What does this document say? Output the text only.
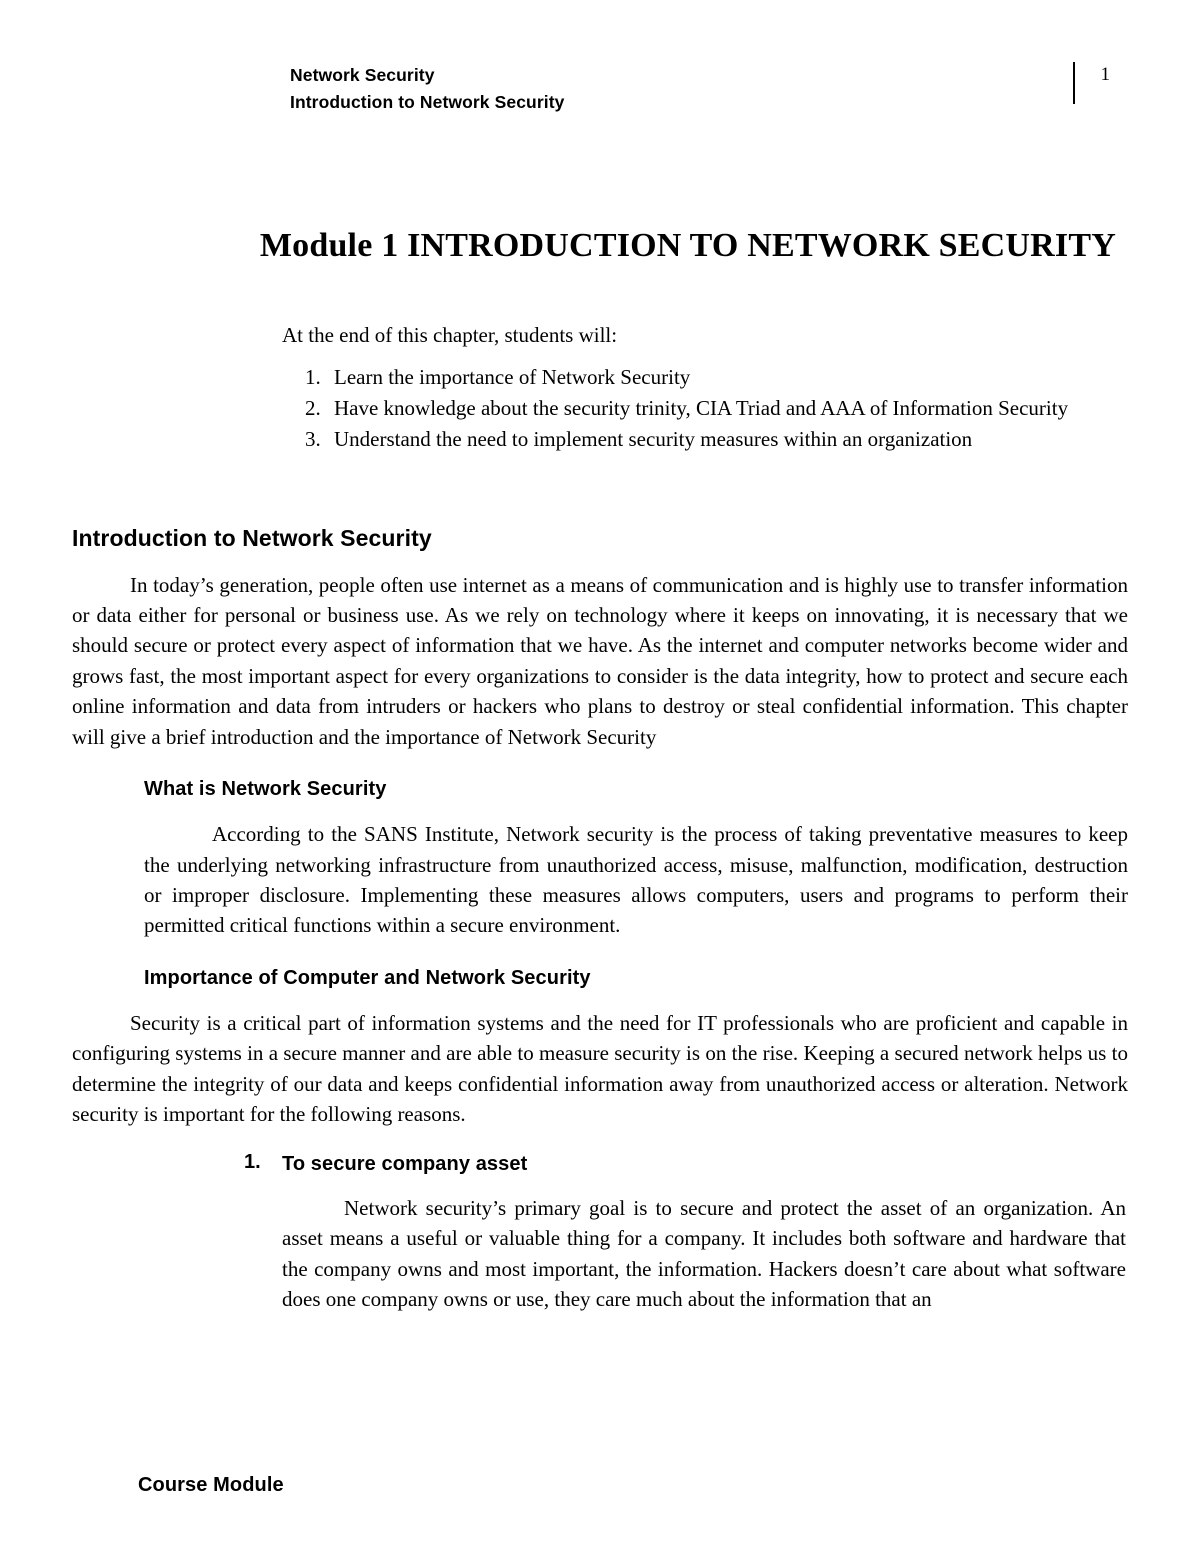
Network Security
Introduction to Network Security
1
Module 1 INTRODUCTION TO NETWORK SECURITY
At the end of this chapter, students will:
1. Learn the importance of Network Security
2. Have knowledge about the security trinity, CIA Triad and AAA of Information Security
3. Understand the need to implement security measures within an organization
Introduction to Network Security

In today’s generation, people often use internet as a means of communication and is highly use to transfer information or data either for personal or business use. As we rely on technology where it keeps on innovating, it is necessary that we should secure or protect every aspect of information that we have. As the internet and computer networks become wider and grows fast, the most important aspect for every organizations to consider is the data integrity, how to protect and secure each online information and data from intruders or hackers who plans to destroy or steal confidential information. This chapter will give a brief introduction and the importance of Network Security

What is Network Security

According to the SANS Institute, Network security is the process of taking preventative measures to keep the underlying networking infrastructure from unauthorized access, misuse, malfunction, modification, destruction or improper disclosure. Implementing these measures allows computers, users and programs to perform their permitted critical functions within a secure environment.

Importance of Computer and Network Security

Security is a critical part of information systems and the need for IT professionals who are proficient and capable in configuring systems in a secure manner and are able to measure security is on the rise. Keeping a secured network helps us to determine the integrity of our data and keeps confidential information away from unauthorized access or alteration. Network security is important for the following reasons.

To secure company asset
Network security’s primary goal is to secure and protect the asset of an organization. An asset means a useful or valuable thing for a company. It includes both software and hardware that the company owns and most important, the information. Hackers doesn’t care about what software does one company owns or use, they care much about the information that an
Course Module
